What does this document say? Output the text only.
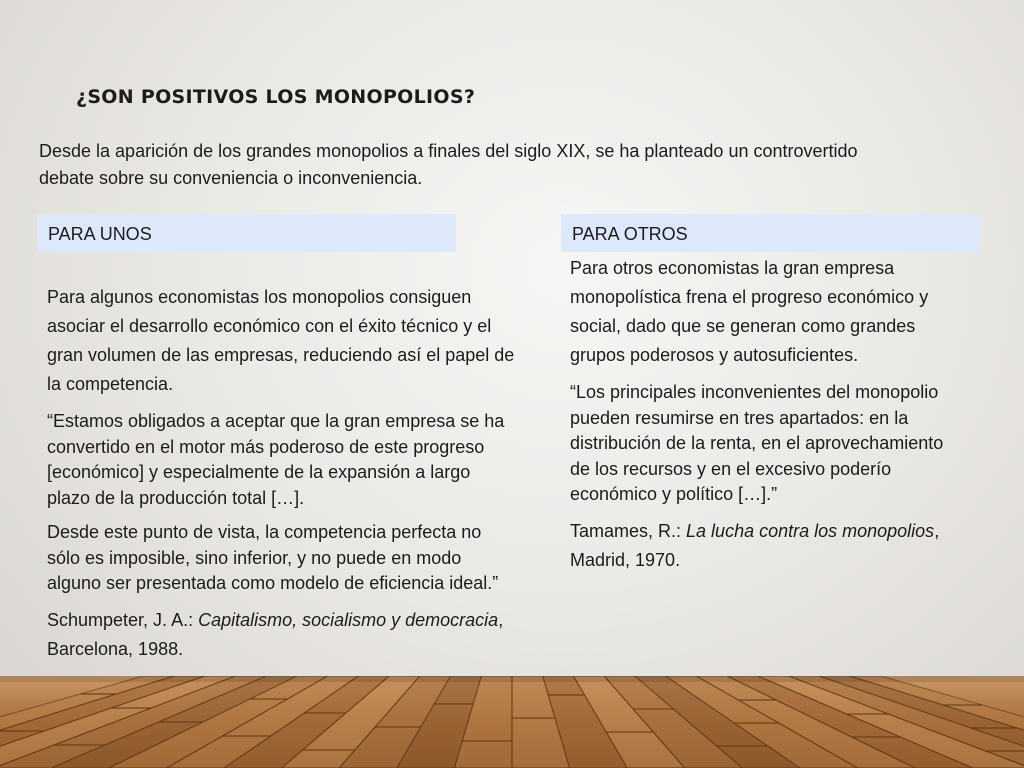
¿SON POSITIVOS LOS MONOPOLIOS?

Desde la aparición de los grandes monopolios a finales del siglo XIX, se ha planteado un controvertido debate sobre su conveniencia o inconveniencia.

PARA UNOS	PARA OTROS

Para algunos economistas los monopolios consiguen asociar el desarrollo económico con el éxito técnico y el gran volumen de las empresas, reduciendo así el papel de la competencia.

“Estamos obligados a aceptar que la gran empresa se ha convertido en el motor más poderoso de este progreso [económico] y especialmente de la expansión a largo plazo de la producción total […].

Desde este punto de vista, la competencia perfecta no sólo es imposible, sino inferior, y no puede en modo alguno ser presentada como modelo de eficiencia ideal.”

Schumpeter, J. A.: Capitalismo, socialismo y democracia, Barcelona, 1988.

Para otros economistas la gran empresa monopolística frena el progreso económico y social, dado que se generan como grandes grupos poderosos y autosuficientes.

“Los principales inconvenientes del monopolio pueden resumirse en tres apartados: en la distribución de la renta, en el aprovechamiento de los recursos y en el excesivo poderío económico y político […].”

Tamames, R.: La lucha contra los monopolios, Madrid, 1970.
